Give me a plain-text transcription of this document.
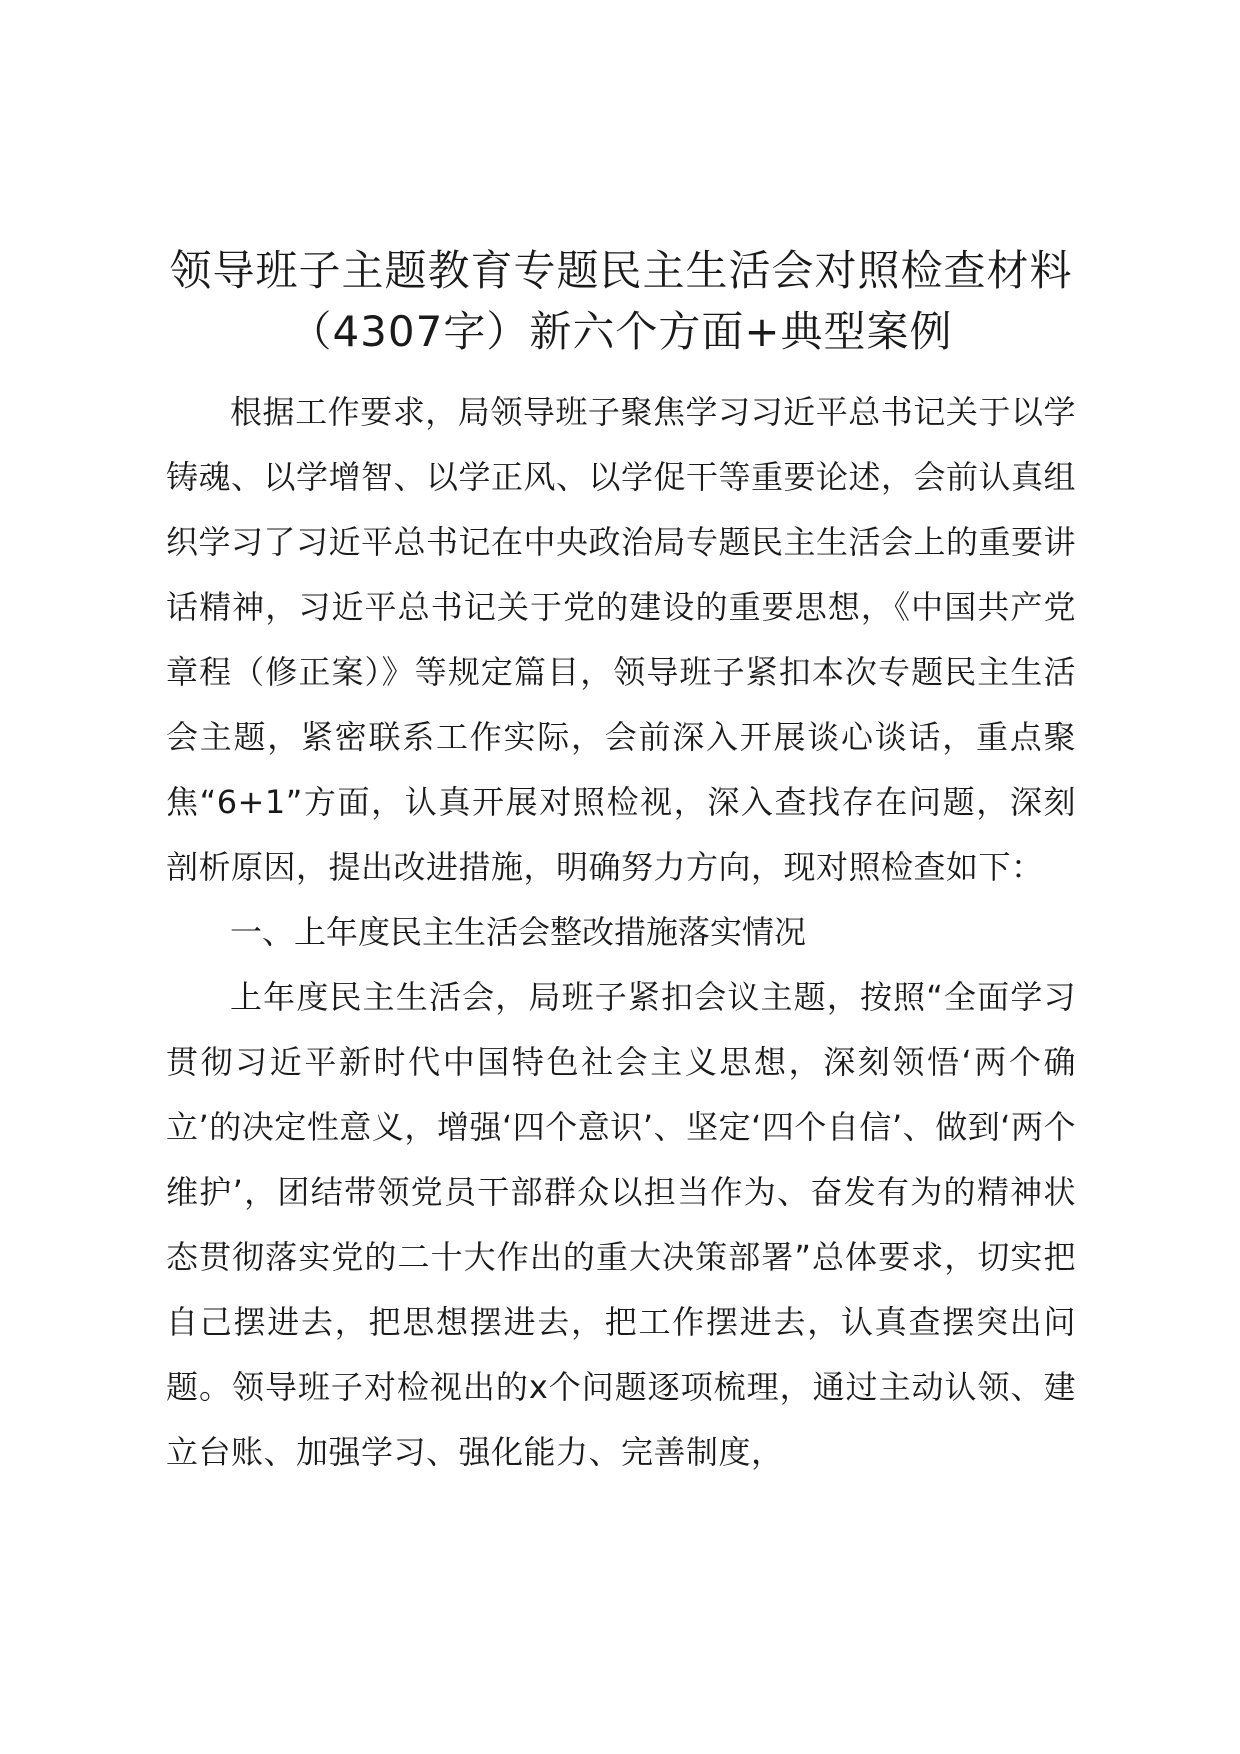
领导班子主题教育专题民主生活会对照检查材料（4307字）新六个方面+典型案例

根据工作要求，局领导班子聚焦学习习近平总书记关于以学铸魂、以学增智、以学正风、以学促干等重要论述，会前认真组织学习了习近平总书记在中央政治局专题民主生活会上的重要讲话精神，习近平总书记关于党的建设的重要思想，《中国共产党章程（修正案）》等规定篇目，领导班子紧扣本次专题民主生活会主题，紧密联系工作实际，会前深入开展谈心谈话，重点聚焦“6+1”方面，认真开展对照检视，深入查找存在问题，深刻剖析原因，提出改进措施，明确努力方向，现对照检查如下：

一、上年度民主生活会整改措施落实情况

上年度民主生活会，局班子紧扣会议主题，按照“全面学习贯彻习近平新时代中国特色社会主义思想，深刻领悟‘两个确立’的决定性意义，增强‘四个意识’、坚定‘四个自信’、做到‘两个维护’，团结带领党员干部群众以担当作为、奋发有为的精神状态贯彻落实党的二十大作出的重大决策部署”总体要求，切实把自己摆进去，把思想摆进去，把工作摆进去，认真查摆突出问题。领导班子对检视出的x个问题逐项梳理，通过主动认领、建立台账、加强学习、强化能力、完善制度，
